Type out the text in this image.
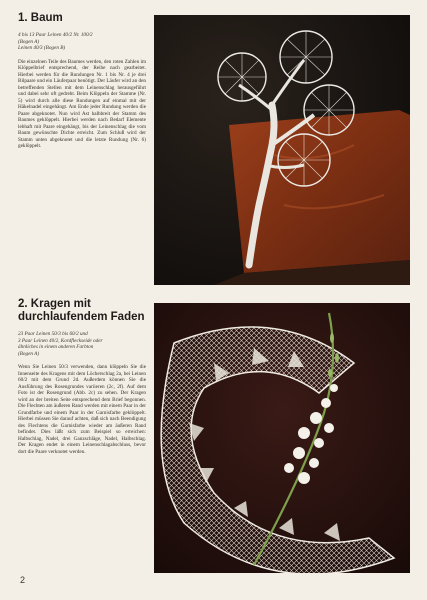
1. Baum
4 bis 13 Paar Leinen 40/2 Nr. 100/2
(Bogen A)
Leinen 40/3 (Bogen B)

Die einzelnen Teile des Baumes werden, den roten Zahlen im Klöppelbrief entsprechend, der Reihe nach gearbeitet. Hierbei werden für die Rundungen Nr. 1 bis Nr. 4 je drei Bilpaare und ein Läuferpaar benötigt. Der Läufer wird an den betreffenden Stellen mit dem Leinenschlag herausgeführt und dabei sehr oft gedreht. Beim Klöppeln der Stamme (Nr. 5) wird durch alle diese Rundungen auf einmal mit der Häkelnadel eingehängt. Am Ende jeder Rundung werden die Paare abgeknotet. Nun wird Ast halbbreit der Stamm des Baumes geklöppelt. Hierbei werden nach Bedarf Elemente lebhaft mit Paare eingehängt, bis der Leinenschlag die vom Baum gewünschte Dichte erreicht. Zum Schluß wird der Stamm unten abgeknotet und die letzte Rundung (Nr. 6) geklöppelt.

2. Kragen mit durchlaufendem Faden
23 Paar Leinen 50/3 bis 60/2 und
3 Paar Leinen 40/2, Kordfleckseide oder
ähnliches in einem anderen Farbton
(Bogen A)

Wenn Sie Leinen 50/3 verwenden, dann klöppeln Sie die Innenseite des Kragens mit dem Löcherschlag 2a, bei Leinen 60/2 mit dem Grund 2d. Außerdem können Sie die Ausführung des Rosengrundes variieren (2c, 2f). Auf dem Foto ist der Rosengrund (Abb. 2c) zu sehen. Der Kragen wird an der breiten Seite entsprechend dem Brief begonnen. Die Flechten am äußeren Rand werden mit einem Paar in der Grundfarbe und einem Paar in der Garnisfarbe geklöppelt. Hierbei müssen Sie darauf achten, daß sich nach Beendigung des Flechtens die Garnisfarbe wieder am äußeren Rand befindet. Dies läßt sich zum Beispiel so erreichen: Halbschlag, Nadel, drei Ganzschläge, Nadel, Halbschlag. Der Kragen endet in einem Leinenschlagabschluss, bevor dort die Paare verknotet werden.

2
